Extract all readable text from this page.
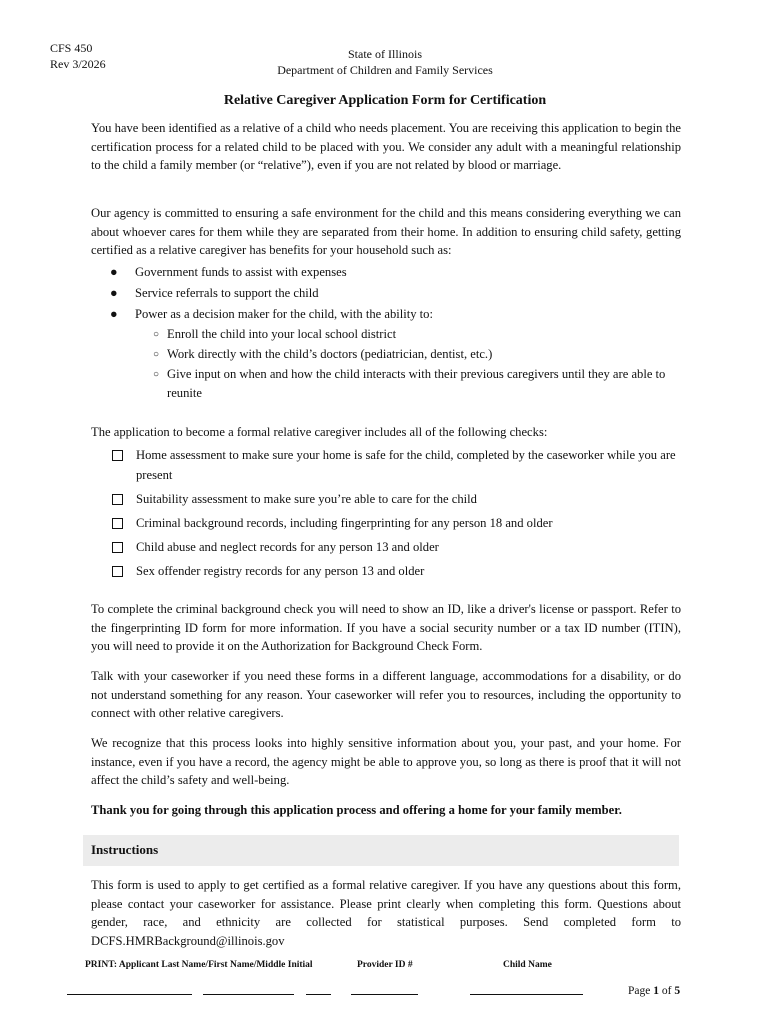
CFS 450
Rev 3/2026
State of Illinois
Department of Children and Family Services
Relative Caregiver Application Form for Certification
You have been identified as a relative of a child who needs placement. You are receiving this application to begin the certification process for a related child to be placed with you. We consider any adult with a meaningful relationship to the child a family member (or “relative”), even if you are not related by blood or marriage.
Our agency is committed to ensuring a safe environment for the child and this means considering everything we can about whoever cares for them while they are separated from their home. In addition to ensuring child safety, getting certified as a relative caregiver has benefits for your household such as:
●	Government funds to assist with expenses
●	Service referrals to support the child
●	Power as a decision maker for the child, with the ability to:
○ Enroll the child into your local school district
○ Work directly with the child’s doctors (pediatrician, dentist, etc.)
○ Give input on when and how the child interacts with their previous caregivers until they are able to reunite
The application to become a formal relative caregiver includes all of the following checks:
Home assessment to make sure your home is safe for the child, completed by the caseworker while you are present
Suitability assessment to make sure you’re able to care for the child
Criminal background records, including fingerprinting for any person 18 and older
Child abuse and neglect records for any person 13 and older
Sex offender registry records for any person 13 and older
To complete the criminal background check you will need to show an ID, like a driver's license or passport. Refer to the fingerprinting ID form for more information. If you have a social security number or a tax ID number (ITIN), you will need to provide it on the Authorization for Background Check Form.
Talk with your caseworker if you need these forms in a different language, accommodations for a disability, or do not understand something for any reason. Your caseworker will refer you to resources, including the opportunity to connect with other relative caregivers.
We recognize that this process looks into highly sensitive information about you, your past, and your home. For instance, even if you have a record, the agency might be able to approve you, so long as there is proof that it will not affect the child’s safety and well-being.
Thank you for going through this application process and offering a home for your family member.
Instructions
This form is used to apply to get certified as a formal relative caregiver. If you have any questions about this form, please contact your caseworker for assistance. Please print clearly when completing this form. Questions about gender, race, and ethnicity are collected for statistical purposes. Send completed form to DCFS.HMRBackground@illinois.gov
PRINT: Applicant Last Name/First Name/Middle Initial	Provider ID #	Child Name
Page 1 of 5
